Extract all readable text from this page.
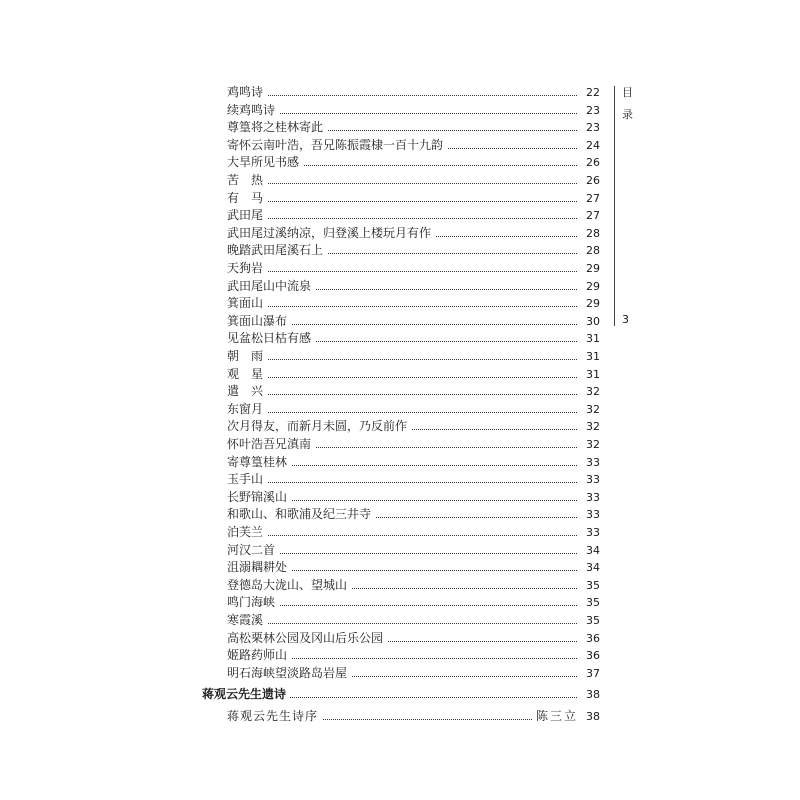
目
录
3
鸡鸣诗	22
续鸡鸣诗	23
尊篁将之桂林寄此	23
寄怀云南叶浩，吾兄陈振霞棣一百十九韵	24
大旱所见书感	26
苦　热	26
有　马	27
武田尾	27
武田尾过溪纳凉，归登溪上楼玩月有作	28
晚踏武田尾溪石上	28
天狗岩	29
武田尾山中流泉	29
箕面山	29
箕面山瀑布	30
见盆松日枯有感	31
朝　雨	31
观　星	31
遣　兴	32
东窗月	32
次月得友，而新月未圆，乃反前作	32
怀叶浩吾兄滇南	32
寄尊篁桂林	33
玉手山	33
长野锦溪山	33
和歌山、和歌浦及纪三井寺	33
泊芙兰	33
河汉二首	34
沮溺耦耕处	34
登德岛大泷山、望城山	35
鸣门海峡	35
寒霞溪	35
高松栗林公园及冈山后乐公园	36
姬路药师山	36
明石海峡望淡路岛岩屋	37
蒋观云先生遗诗	38
蒋观云先生诗序	陈三立 38
